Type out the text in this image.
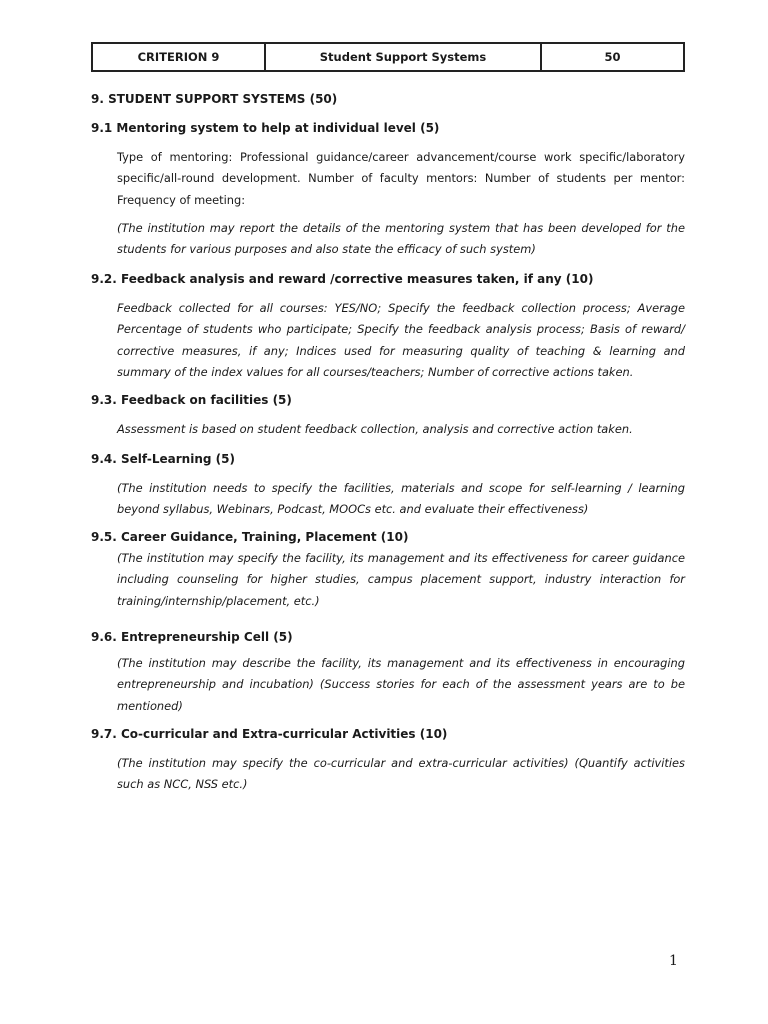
CRITERION 9	Student Support Systems	50
9. STUDENT SUPPORT SYSTEMS (50)
9.1 Mentoring system to help at individual level (5)
Type of mentoring: Professional guidance/career advancement/course work specific/laboratory specific/all-round development. Number of faculty mentors: Number of students per mentor: Frequency of meeting:
(The institution may report the details of the mentoring system that has been developed for the students for various purposes and also state the efficacy of such system)
9.2. Feedback analysis and reward /corrective measures taken, if any (10)
Feedback collected for all courses: YES/NO; Specify the feedback collection process; Average Percentage of students who participate; Specify the feedback analysis process; Basis of reward/ corrective measures, if any; Indices used for measuring quality of teaching & learning and summary of the index values for all courses/teachers; Number of corrective actions taken.
9.3. Feedback on facilities (5)
Assessment is based on student feedback collection, analysis and corrective action taken.
9.4. Self-Learning (5)
(The institution needs to specify the facilities, materials and scope for self-learning / learning beyond syllabus, Webinars, Podcast, MOOCs etc. and evaluate their effectiveness)
9.5. Career Guidance, Training, Placement (10)
(The institution may specify the facility, its management and its effectiveness for career guidance including counseling for higher studies, campus placement support, industry interaction for training/internship/placement, etc.)
9.6. Entrepreneurship Cell (5)
(The institution may describe the facility, its management and its effectiveness in encouraging entrepreneurship and incubation) (Success stories for each of the assessment years are to be mentioned)
9.7. Co-curricular and Extra-curricular Activities (10)
(The institution may specify the co-curricular and extra-curricular activities) (Quantify activities such as NCC, NSS etc.)
1
